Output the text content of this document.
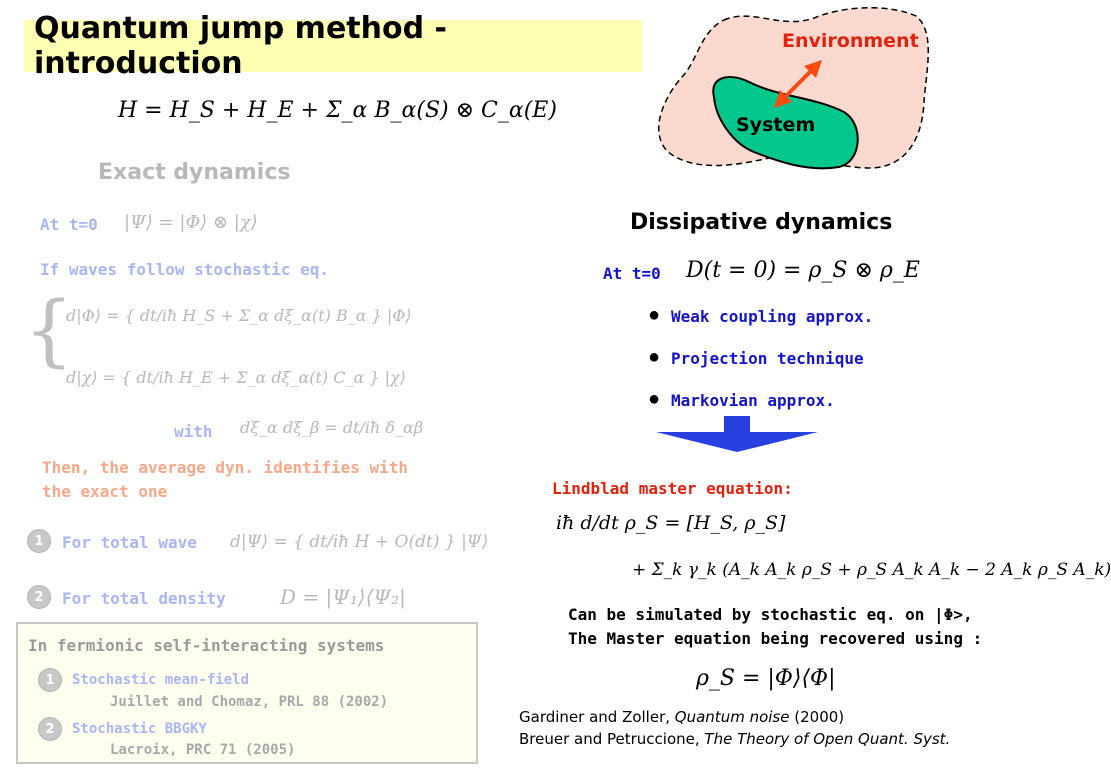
Quantum jump method -introduction
H = H_S + H_E + Σ_α B_α(S) ⊗ C_α(E)
Environment
System
Exact dynamics
At t=0 |Ψ⟩ = |Φ⟩ ⊗ |χ⟩
If waves follow stochastic eq.
{
d|Φ⟩ = { dt/iħ H_S + Σ_α dξ_α(t) B_α } |Φ⟩
d|χ⟩ = { dt/iħ H_E + Σ_α dξ_α(t) C_α } |χ⟩
with dξ_α dξ_β = dt/iħ δ_αβ
Then, the average dyn. identifies with
the exact one
1	For total wave d|Ψ⟩ = { dt/iħ H + O(dt) } |Ψ⟩
2	For total density	D = |Ψ₁⟩⟨Ψ₂|
In fermionic self-interacting systems
1	Stochastic mean-field
Juillet and Chomaz, PRL 88 (2002)
2	Stochastic BBGKY
Lacroix, PRC 71 (2005)
Dissipative dynamics
At t=0 D(t = 0) = ρ_S ⊗ ρ_E
● Weak coupling approx.
● Projection technique
● Markovian approx.
Lindblad master equation:
iħ d/dt ρ_S = [H_S, ρ_S]
+ Σ_k γ_k (A_k A_k ρ_S + ρ_S A_k A_k − 2 A_k ρ_S A_k)
Can be simulated by stochastic eq. on |Φ>,
The Master equation being recovered using :
ρ_S = |Φ⟩⟨Φ|
Gardiner and Zoller, Quantum noise (2000)
Breuer and Petruccione, The Theory of Open Quant. Syst.
